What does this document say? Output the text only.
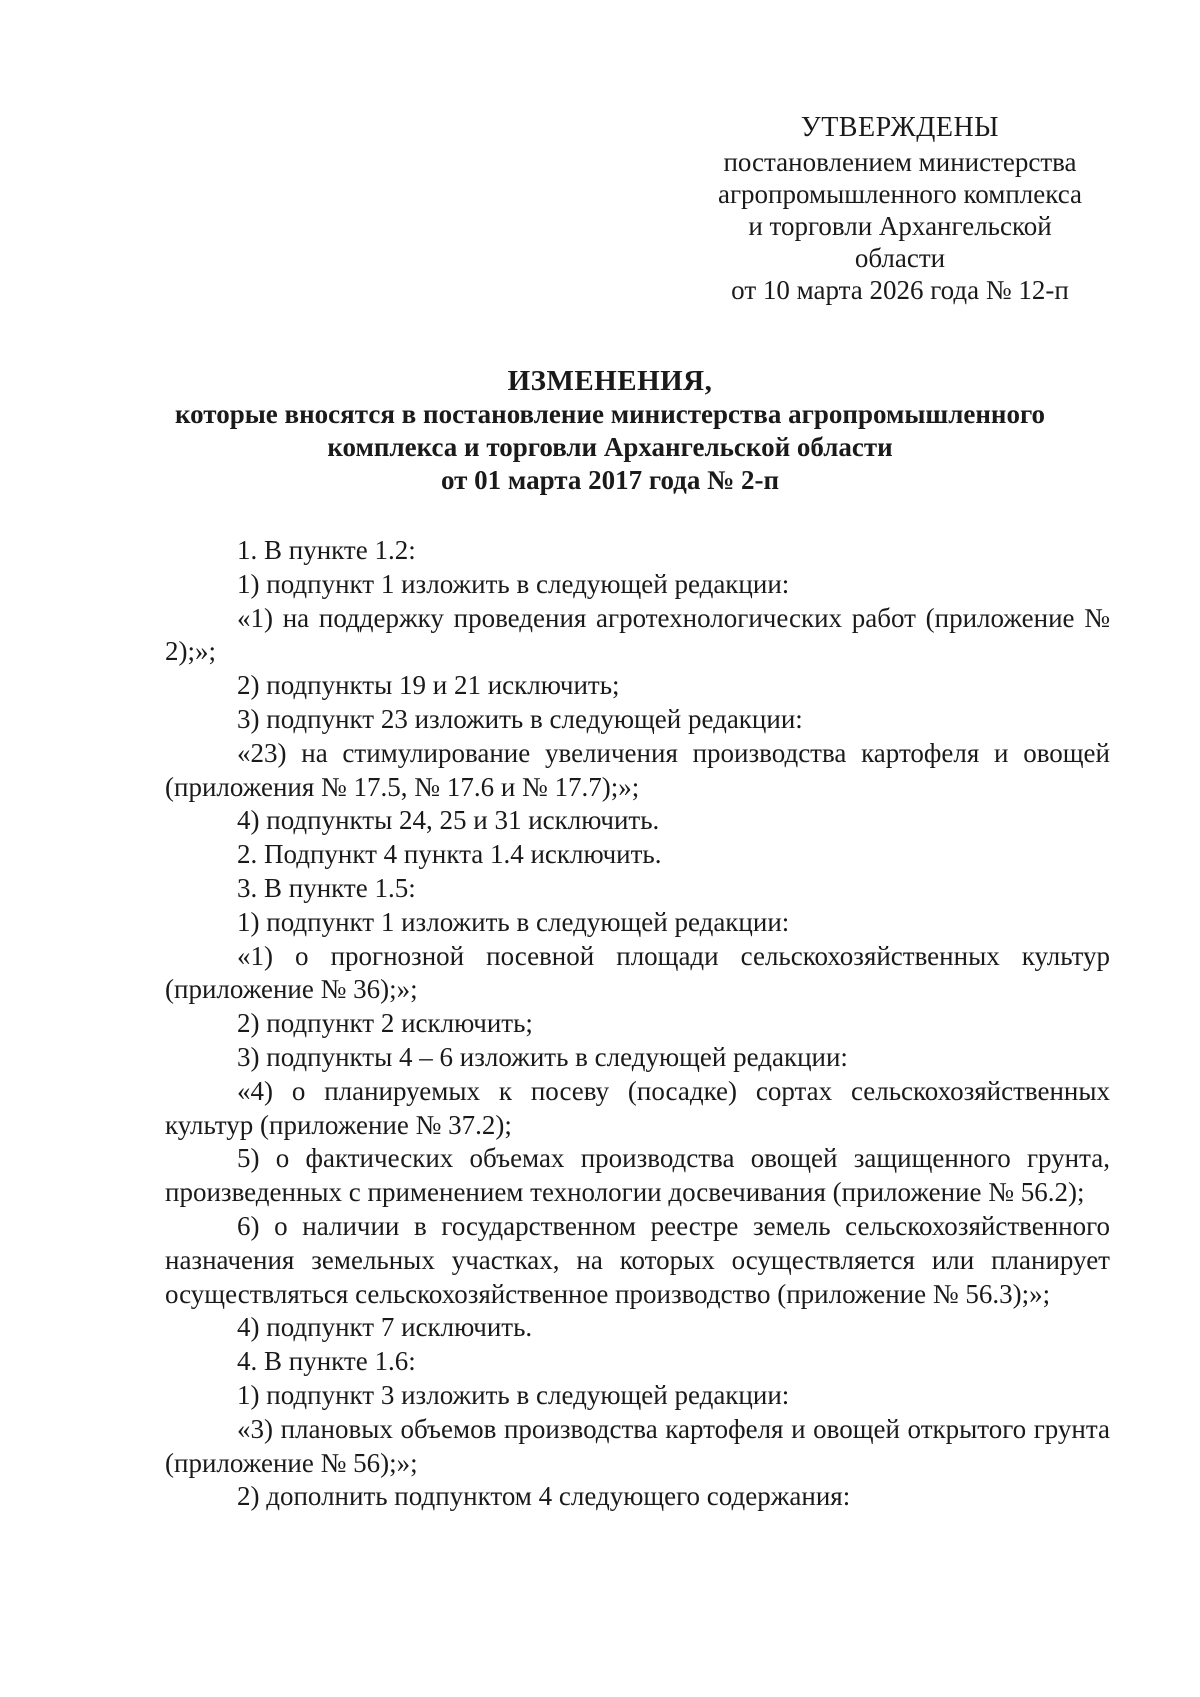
УТВЕРЖДЕНЫ
постановлением министерства
агропромышленного комплекса
и торговли Архангельской
области
от 10 марта 2026 года № 12-п
ИЗМЕНЕНИЯ,
которые вносятся в постановление министерства агропромышленного
комплекса и торговли Архангельской области
от 01 марта 2017 года № 2-п

1. В пункте 1.2:

1) подпункт 1 изложить в следующей редакции:

«1) на поддержку проведения агротехнологических работ (приложение № 2);»;

2) подпункты 19 и 21 исключить;

3) подпункт 23 изложить в следующей редакции:

«23) на стимулирование увеличения производства картофеля и овощей (приложения № 17.5, № 17.6 и № 17.7);»;

4) подпункты 24, 25 и 31 исключить.

2. Подпункт 4 пункта 1.4 исключить.

3. В пункте 1.5:

1) подпункт 1 изложить в следующей редакции:

«1) о прогнозной посевной площади сельскохозяйственных культур (приложение № 36);»;

2) подпункт 2 исключить;

3) подпункты 4 – 6 изложить в следующей редакции:

«4) о планируемых к посеву (посадке) сортах сельскохозяйственных культур (приложение № 37.2);

5) о фактических объемах производства овощей защищенного грунта, произведенных с применением технологии досвечивания (приложение № 56.2);

6) о наличии в государственном реестре земель сельскохозяйственного назначения земельных участках, на которых осуществляется или планирует осуществляться сельскохозяйственное производство (приложение № 56.3);»;

4) подпункт 7 исключить.

4. В пункте 1.6:

1) подпункт 3 изложить в следующей редакции:

«3) плановых объемов производства картофеля и овощей открытого грунта (приложение № 56);»;

2) дополнить подпунктом 4 следующего содержания:
